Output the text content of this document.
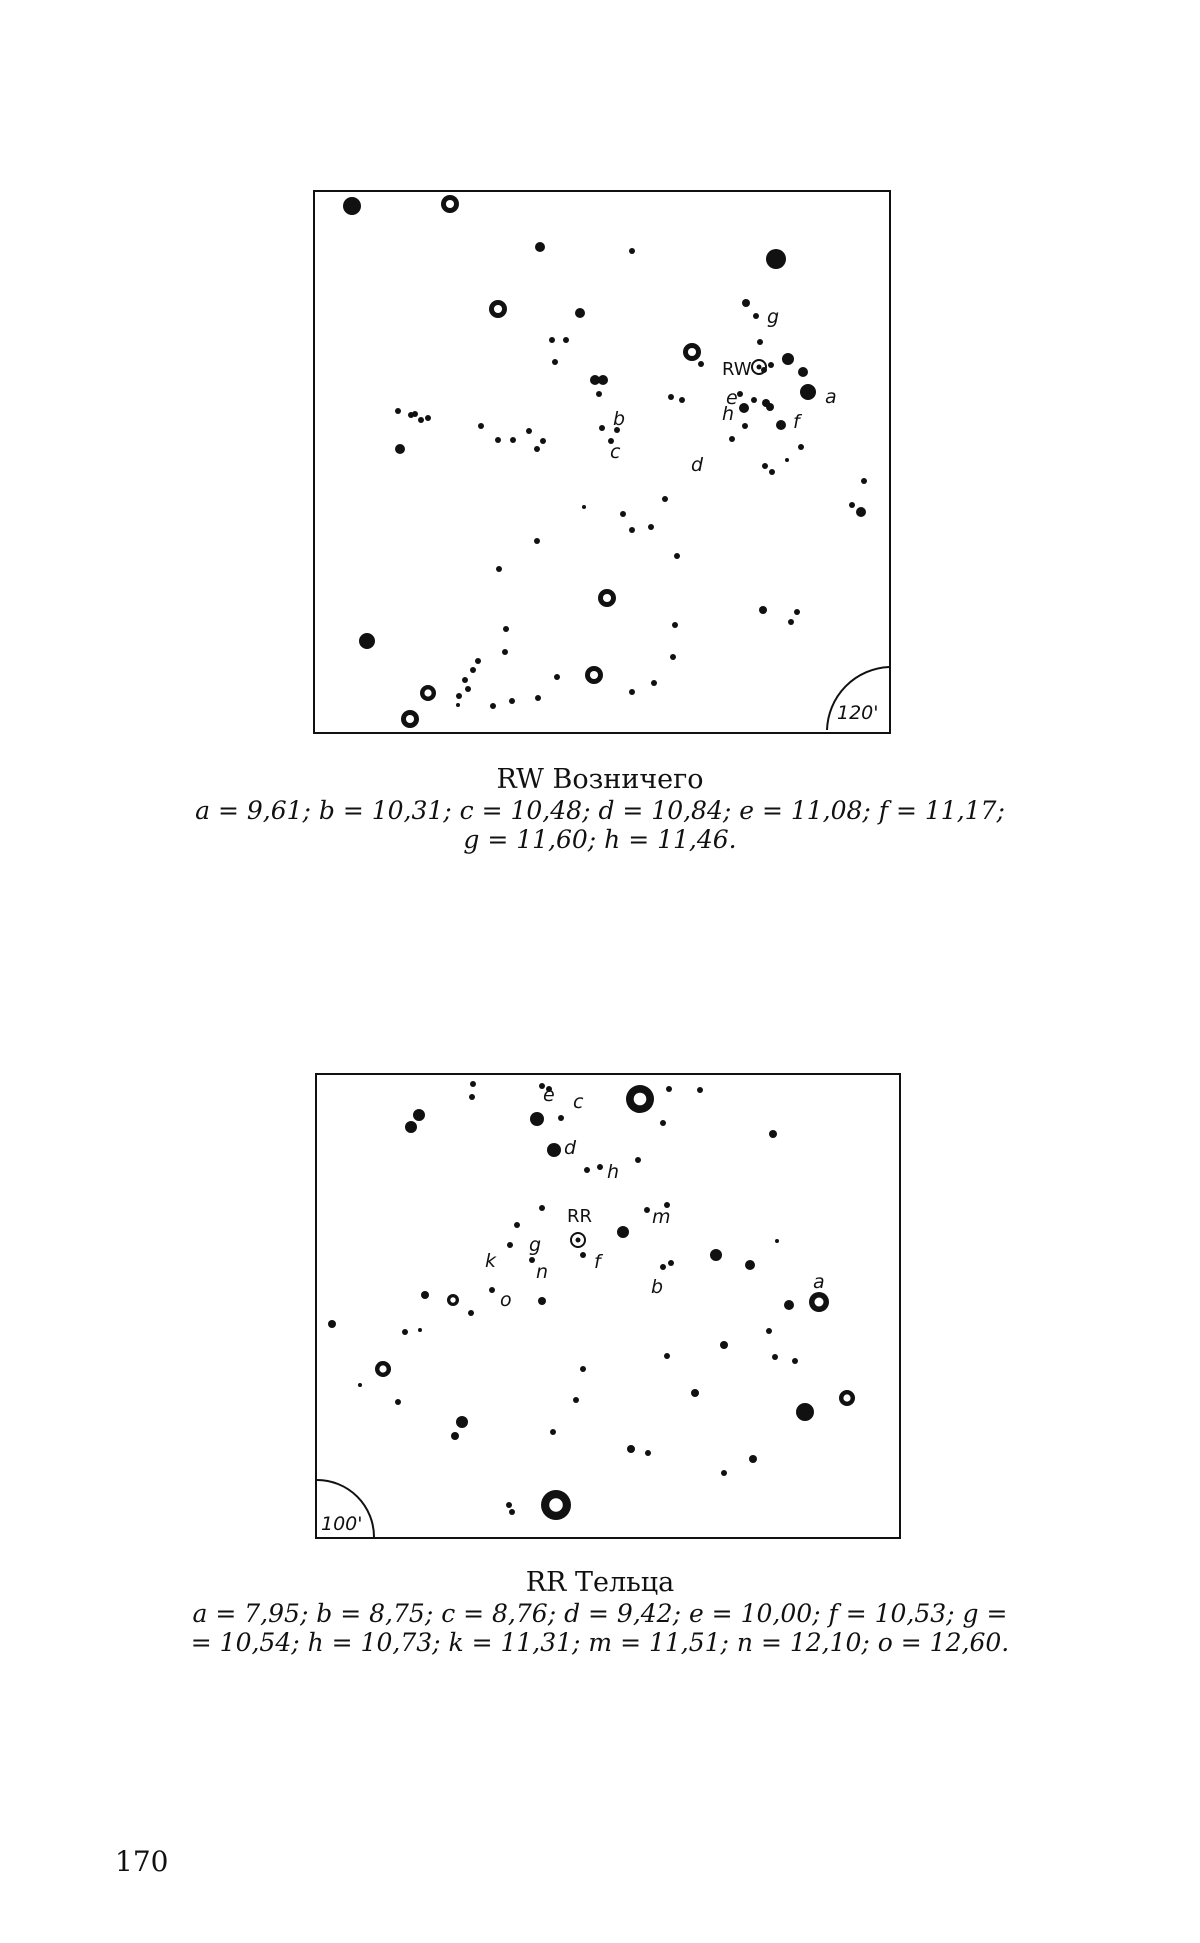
120'
RW
a
b
c
d
e
f
g
h
RW Возничего
a = 9,61; b = 10,31; c = 10,48; d = 10,84; e = 11,08; f = 11,17;
g = 11,60; h = 11,46.
100'
RR
a
b
c
d
e
f
g
h
k
m
n
o
RR Тельца
a = 7,95; b = 8,75; c = 8,76; d = 9,42; e = 10,00; f = 10,53; g =
= 10,54; h = 10,73; k = 11,31; m = 11,51; n = 12,10; o = 12,60.
170
